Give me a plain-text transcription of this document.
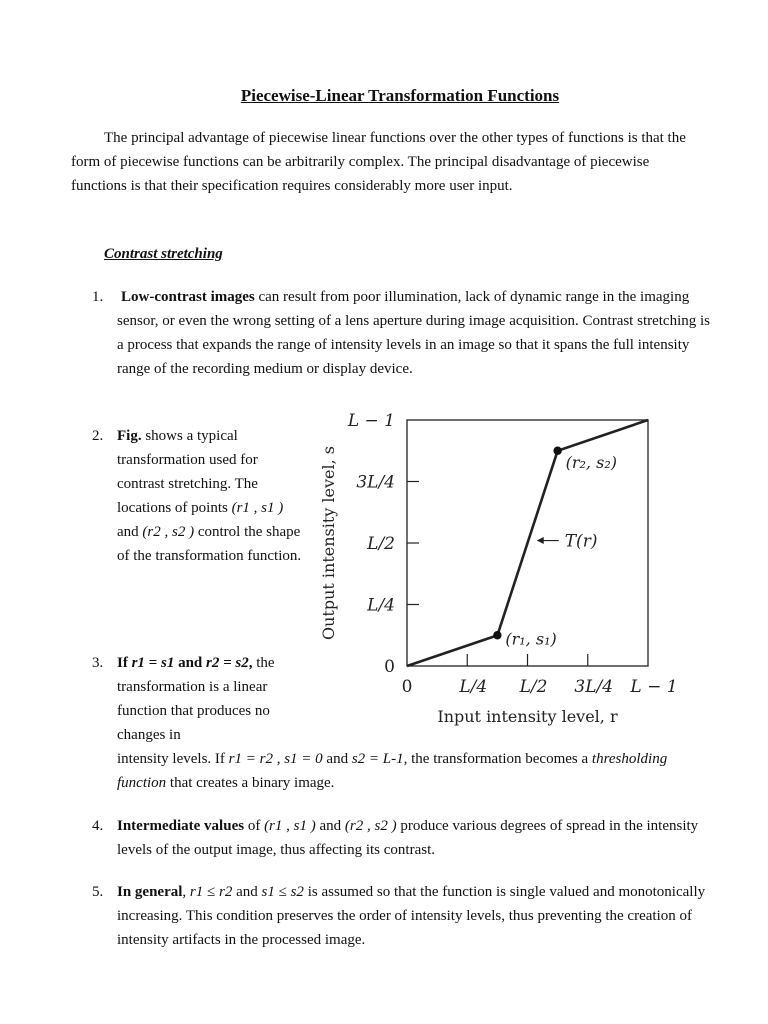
Piecewise-Linear Transformation Functions
The principal advantage of piecewise linear functions over the other types of functions is that the form of piecewise functions can be arbitrarily complex. The principal disadvantage of piecewise functions is that their specification requires considerably more user input.
Contrast stretching
1. Low-contrast images can result from poor illumination, lack of dynamic range in the imaging sensor, or even the wrong setting of a lens aperture during image acquisition. Contrast stretching is a process that expands the range of intensity levels in an image so that it spans the full intensity range of the recording medium or display device.
2. Fig. shows a typical transformation used for contrast stretching. The locations of points (r1 , s1 ) and (r2 , s2 ) control the shape of the transformation function.
0	L/4 L/2 3L/4 L − 1
0
L/4
L/2
3L/4
L − 1
Input intensity level, r
Output intensity level, s	(r₁, s₁)
(r₂, s₂)
T(r)
3. If r1 = s1 and r2 = s2, the transformation is a linear function that produces no changes in
intensity levels. If r1 = r2 , s1 = 0 and s2 = L-1, the transformation becomes a thresholding function that creates a binary image.
4. Intermediate values of (r1 , s1 ) and (r2 , s2 ) produce various degrees of spread in the intensity levels of the output image, thus affecting its contrast.
5. In general, r1 ≤ r2 and s1 ≤ s2 is assumed so that the function is single valued and monotonically increasing. This condition preserves the order of intensity levels, thus preventing the creation of intensity artifacts in the processed image.
